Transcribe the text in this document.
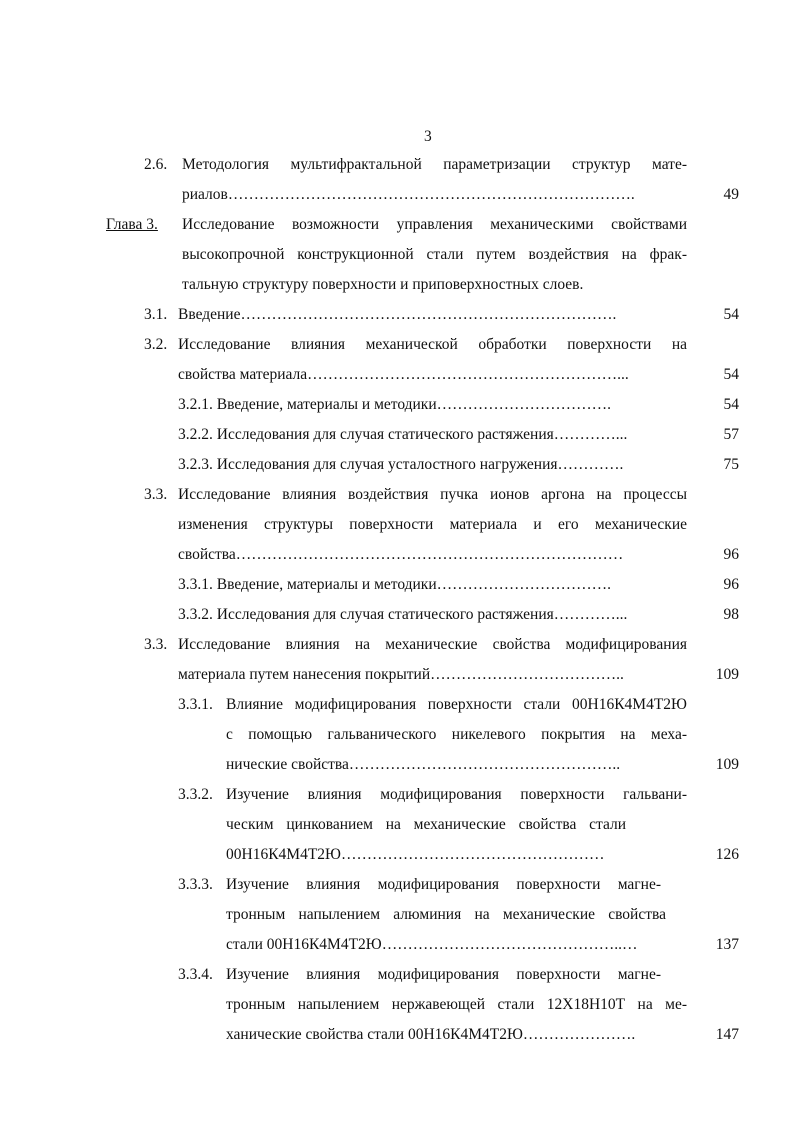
3
2.6. Методология мультифрактальной параметризации структур мате-
риалов…………………………………………………………………….	49
Глава 3. Исследование возможности управления механическими свойствами
высокопрочной конструкционной стали путем воздействия на фрак-
тальную структуру поверхности и приповерхностных слоев.
3.1. Введение……………………………………………………………….	54
3.2. Исследование влияния механической обработки поверхности на
свойства материала……………………………………………………...	54
3.2.1. Введение, материалы и методики…………………………….	54
3.2.2. Исследования для случая статического растяжения…………...	57
3.2.3. Исследования для случая усталостного нагружения………….	75
3.3. Исследование влияния воздействия пучка ионов аргона на процессы
изменения структуры поверхности материала и его механические
свойства…………………………………………………………………	96
3.3.1. Введение, материалы и методики…………………………….	96
3.3.2. Исследования для случая статического растяжения…………...	98
3.3. Исследование влияния на механические свойства модифицирования
материала путем нанесения покрытий………………………………..	109
3.3.1. Влияние модифицирования поверхности стали 00Н16К4М4Т2Ю
с помощью гальванического никелевого покрытия на меха-
нические свойства……………………………………………..	109
3.3.2. Изучение влияния модифицирования поверхности гальвани-
ческим цинкованием на механические свойства стали
00Н16К4М4Т2Ю……………………………………………	126
3.3.3. Изучение влияния модифицирования поверхности магне-
тронным напылением алюминия на механические свойства
стали 00Н16К4М4Т2Ю………………………………………..…	137
3.3.4. Изучение влияния модифицирования поверхности магне-
тронным напылением нержавеющей стали 12Х18Н10Т на ме-
ханические свойства стали 00Н16К4М4Т2Ю………………….	147
